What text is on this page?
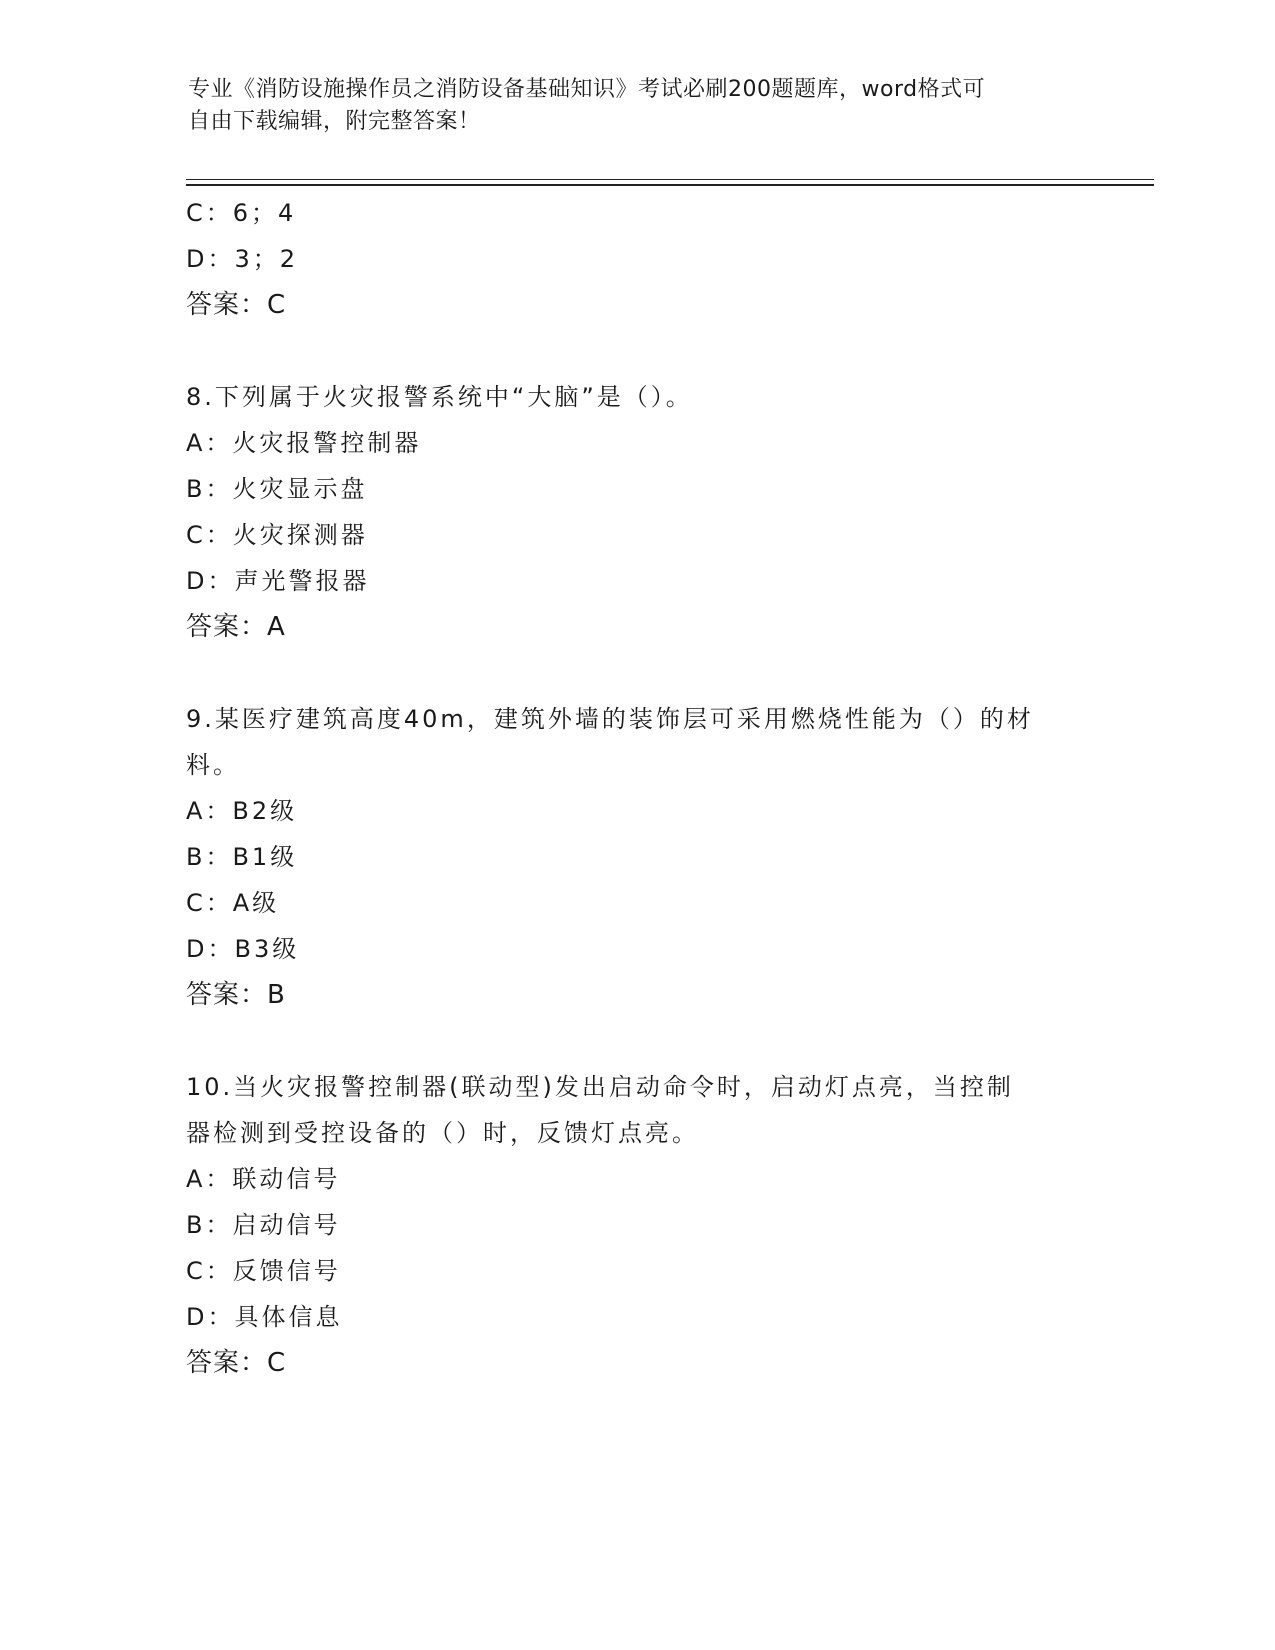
专业《消防设施操作员之消防设备基础知识》考试必刷200题题库，word格式可
自由下载编辑，附完整答案！
C：6；4
D：3；2
答案：C
8.下列属于火灾报警系统中“大脑”是（）。
A：火灾报警控制器
B：火灾显示盘
C：火灾探测器
D：声光警报器
答案：A
9.某医疗建筑高度40m，建筑外墙的装饰层可采用燃烧性能为（）的材
料。
A：B2级
B：B1级
C：A级
D：B3级
答案：B
10.当火灾报警控制器(联动型)发出启动命令时，启动灯点亮，当控制
器检测到受控设备的（）时，反馈灯点亮。
A：联动信号
B：启动信号
C：反馈信号
D：具体信息
答案：C
